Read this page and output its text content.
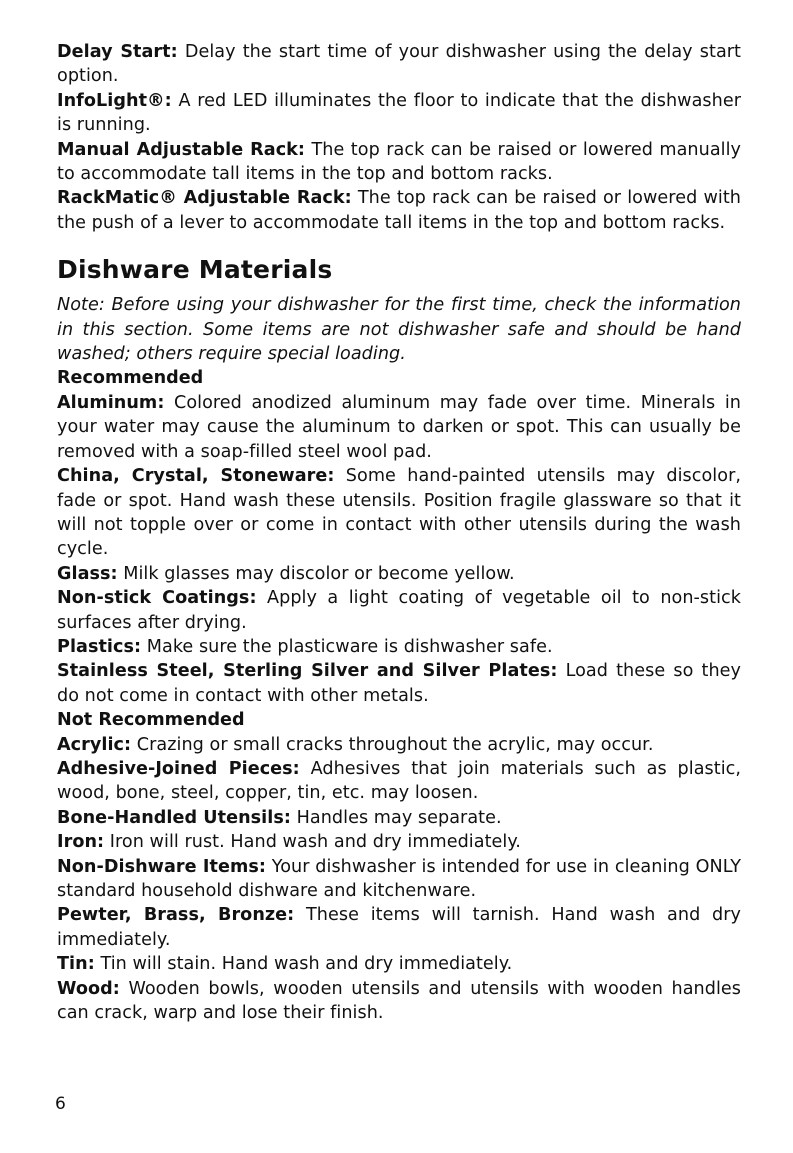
Delay Start: Delay the start time of your dishwasher using the delay start option.

InfoLight®: A red LED illuminates the floor to indicate that the dishwasher is running.

Manual Adjustable Rack: The top rack can be raised or lowered manually to accommodate tall items in the top and bottom racks.

RackMatic® Adjustable Rack: The top rack can be raised or lowered with the push of a lever to accommodate tall items in the top and bottom racks.

Dishware Materials

Note: Before using your dishwasher for the first time, check the information in this section. Some items are not dishwasher safe and should be hand washed; others require special loading.

Recommended

Aluminum: Colored anodized aluminum may fade over time. Minerals in your water may cause the aluminum to darken or spot. This can usually be removed with a soap-filled steel wool pad.

China, Crystal, Stoneware: Some hand-painted utensils may discolor, fade or spot. Hand wash these utensils. Position fragile glassware so that it will not topple over or come in contact with other utensils during the wash cycle.

Glass: Milk glasses may discolor or become yellow.

Non-stick Coatings: Apply a light coating of vegetable oil to non-stick surfaces after drying.

Plastics: Make sure the plasticware is dishwasher safe.

Stainless Steel, Sterling Silver and Silver Plates: Load these so they do not come in contact with other metals.

Not Recommended

Acrylic: Crazing or small cracks throughout the acrylic, may occur.

Adhesive-Joined Pieces: Adhesives that join materials such as plastic, wood, bone, steel, copper, tin, etc. may loosen.

Bone-Handled Utensils: Handles may separate.

Iron: Iron will rust. Hand wash and dry immediately.

Non-Dishware Items: Your dishwasher is intended for use in cleaning ONLY standard household dishware and kitchenware.

Pewter, Brass, Bronze: These items will tarnish. Hand wash and dry immediately.

Tin: Tin will stain. Hand wash and dry immediately.

Wood: Wooden bowls, wooden utensils and utensils with wooden handles can crack, warp and lose their finish.

6
